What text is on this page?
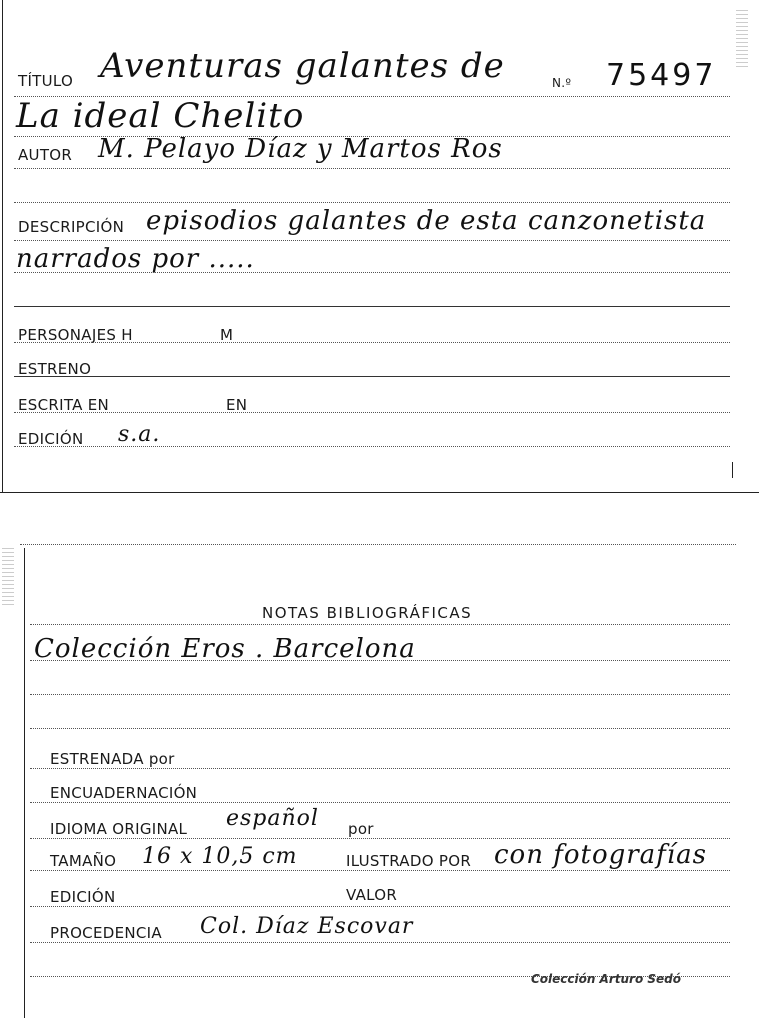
TÍTULO Aventuras galantes de	N.º 75497
La ideal Chelito
AUTOR M. Pelayo Díaz y Martos Ros
DESCRIPCIÓN episodios galantes de esta canzonetista
narrados por .....
PERSONAJES H	M
ESTRENO
ESCRITA EN	EN
EDICIÓN s.a.
NOTAS BIBLIOGRÁFICAS
Colección Eros . Barcelona
ESTRENADA por
ENCUADERNACIÓN
IDIOMA ORIGINAL español por
TAMAÑO 16 x 10,5 cm	ILUSTRADO POR con fotografías
EDICIÓN	VALOR
PROCEDENCIA Col. Díaz Escovar
Colección Arturo Sedó
